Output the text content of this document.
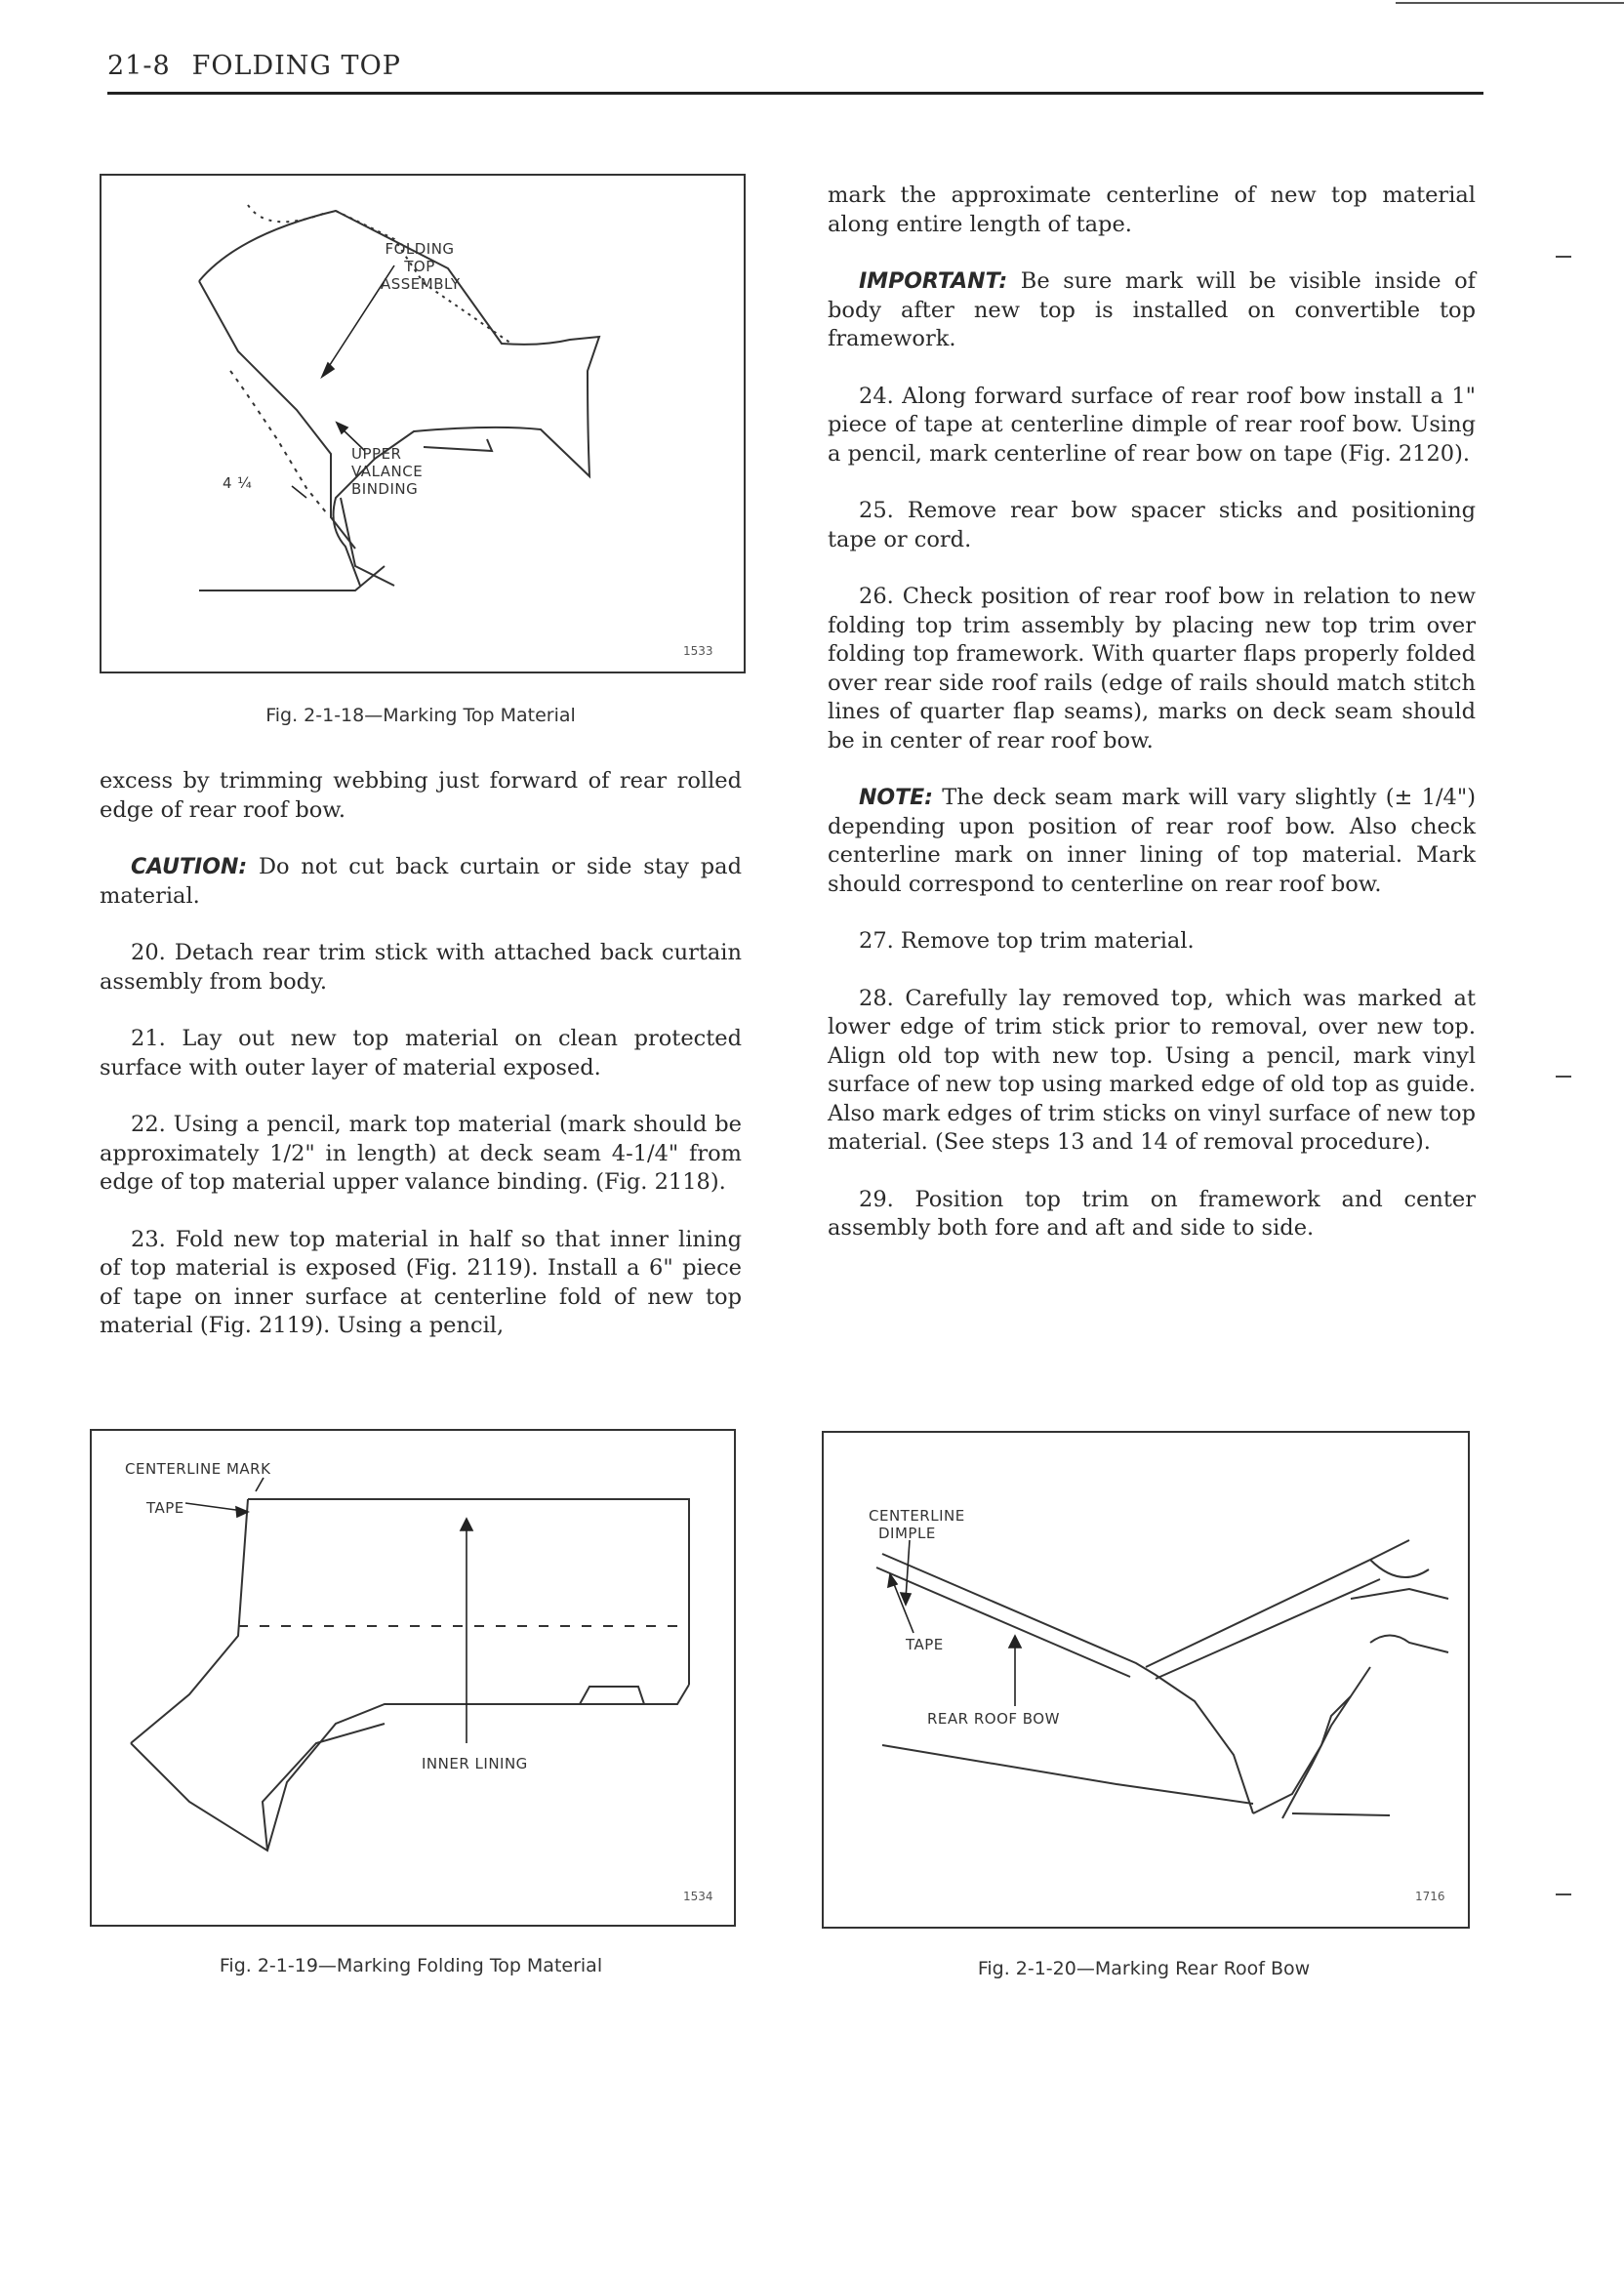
21-8 FOLDING TOP
FOLDING
TOP
ASSEMBLY
UPPER
VALANCE
BINDING
4 ¼
1533
Fig. 2-1-18—Marking Top Material

excess by trimming webbing just forward of rear rolled edge of rear roof bow.

CAUTION: Do not cut back curtain or side stay pad material.

20. Detach rear trim stick with attached back curtain assembly from body.

21. Lay out new top material on clean protected surface with outer layer of material exposed.

22. Using a pencil, mark top material (mark should be approximately 1/2" in length) at deck seam 4-1/4" from edge of top material upper valance binding. (Fig. 2118).

23. Fold new top material in half so that inner lining of top material is exposed (Fig. 2119). Install a 6" piece of tape on inner surface at centerline fold of new top material (Fig. 2119). Using a pencil,

mark the approximate centerline of new top material along entire length of tape.

IMPORTANT: Be sure mark will be visible inside of body after new top is installed on convertible top framework.

24. Along forward surface of rear roof bow install a 1" piece of tape at centerline dimple of rear roof bow. Using a pencil, mark centerline of rear bow on tape (Fig. 2120).

25. Remove rear bow spacer sticks and positioning tape or cord.

26. Check position of rear roof bow in relation to new folding top trim assembly by placing new top trim over folding top framework. With quarter flaps properly folded over rear side roof rails (edge of rails should match stitch lines of quarter flap seams), marks on deck seam should be in center of rear roof bow.

NOTE: The deck seam mark will vary slightly (± 1/4") depending upon position of rear roof bow. Also check centerline mark on inner lining of top material. Mark should correspond to centerline on rear roof bow.

27. Remove top trim material.

28. Carefully lay removed top, which was marked at lower edge of trim stick prior to removal, over new top. Align old top with new top. Using a pencil, mark vinyl surface of new top using marked edge of old top as guide. Also mark edges of trim sticks on vinyl surface of new top material. (See steps 13 and 14 of removal procedure).

29. Position top trim on framework and center assembly both fore and aft and side to side.

CENTERLINE MARK
TAPE
INNER LINING
1534
Fig. 2-1-19—Marking Folding Top Material
CENTERLINE
DIMPLE
TAPE
REAR ROOF BOW
1716
Fig. 2-1-20—Marking Rear Roof Bow
